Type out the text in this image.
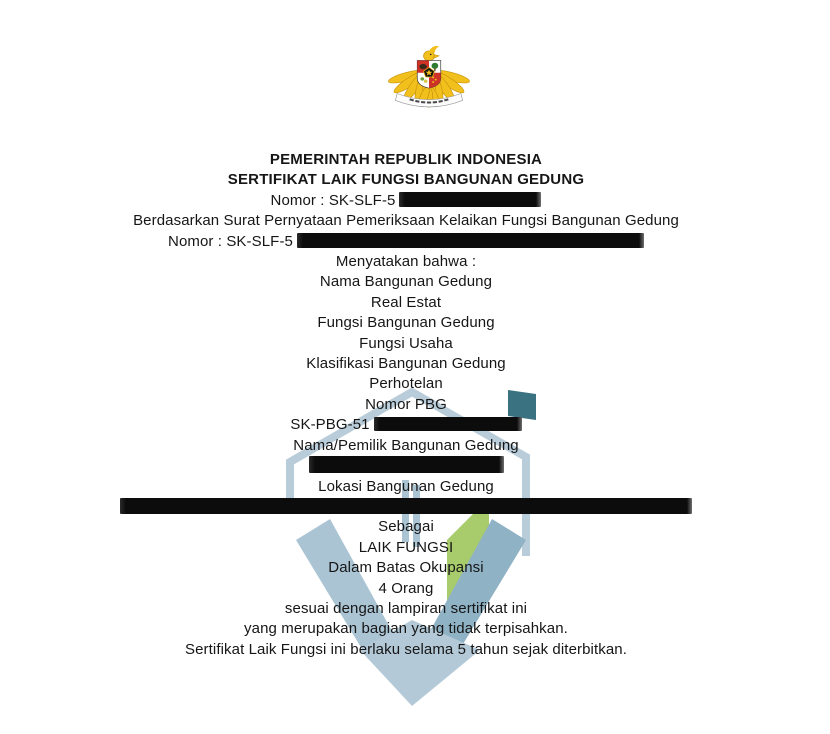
PEMERINTAH REPUBLIK INDONESIA
SERTIFIKAT LAIK FUNGSI BANGUNAN GEDUNG
Nomor : SK-SLF-5
Berdasarkan Surat Pernyataan Pemeriksaan Kelaikan Fungsi Bangunan Gedung
Nomor : SK-SLF-5
Menyatakan bahwa :
Nama Bangunan Gedung
Real Estat
Fungsi Bangunan Gedung
Fungsi Usaha
Klasifikasi Bangunan Gedung
Perhotelan
Nomor PBG
SK-PBG-51
Nama/Pemilik Bangunan Gedung
Lokasi Bangunan Gedung
Sebagai
LAIK FUNGSI
Dalam Batas Okupansi
4 Orang
sesuai dengan lampiran sertifikat ini
yang merupakan bagian yang tidak terpisahkan.
Sertifikat Laik Fungsi ini berlaku selama 5 tahun sejak diterbitkan.
